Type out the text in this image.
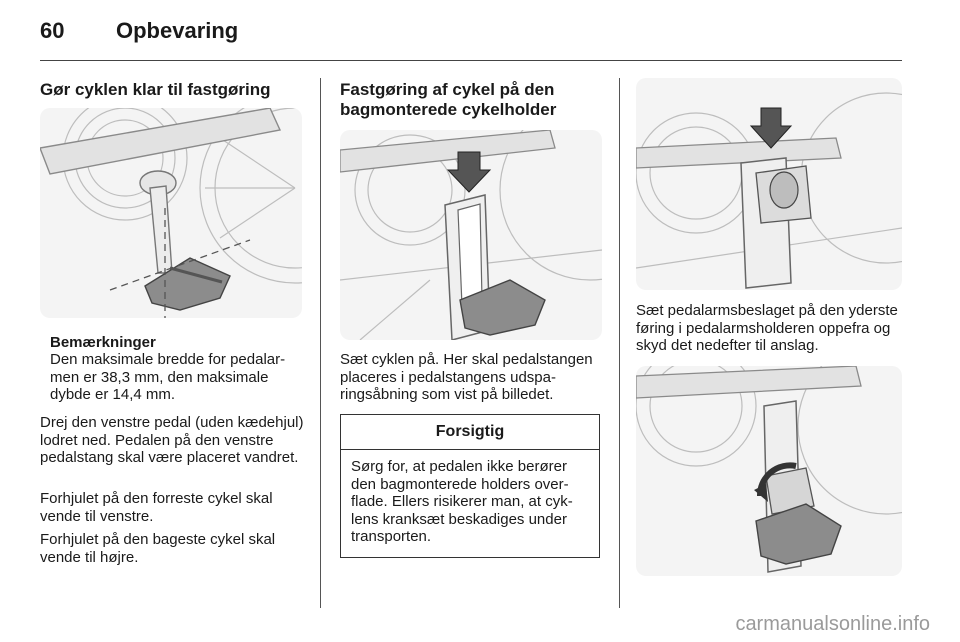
60 Opbevaring
Gør cyklen klar til fastgøring
Bemærkninger

Den maksimale bredde for pedalarmen er 38,3 mm, den maksimale dybde er 14,4 mm.

Drej den venstre pedal (uden kædehjul) lodret ned. Pedalen på den venstre pedalstang skal være placeret vandret.

Forhjulet på den forreste cykel skal vende til venstre.

Forhjulet på den bageste cykel skal vende til højre.

Fastgøring af cykel på den bagmonterede cykelholder

Sæt cyklen på. Her skal pedalstangen placeres i pedalstangens udsparingsåbning som vist på billedet.

Forsigtig
Sørg for, at pedalen ikke berører den bagmonterede holders overflade. Ellers risikerer man, at cyklens kranksæt beskadiges under transporten.

Sæt pedalarmsbeslaget på den yderste føring i pedalarmsholderen oppefra og skyd det nedefter til anslag.

carmanualsonline.info
